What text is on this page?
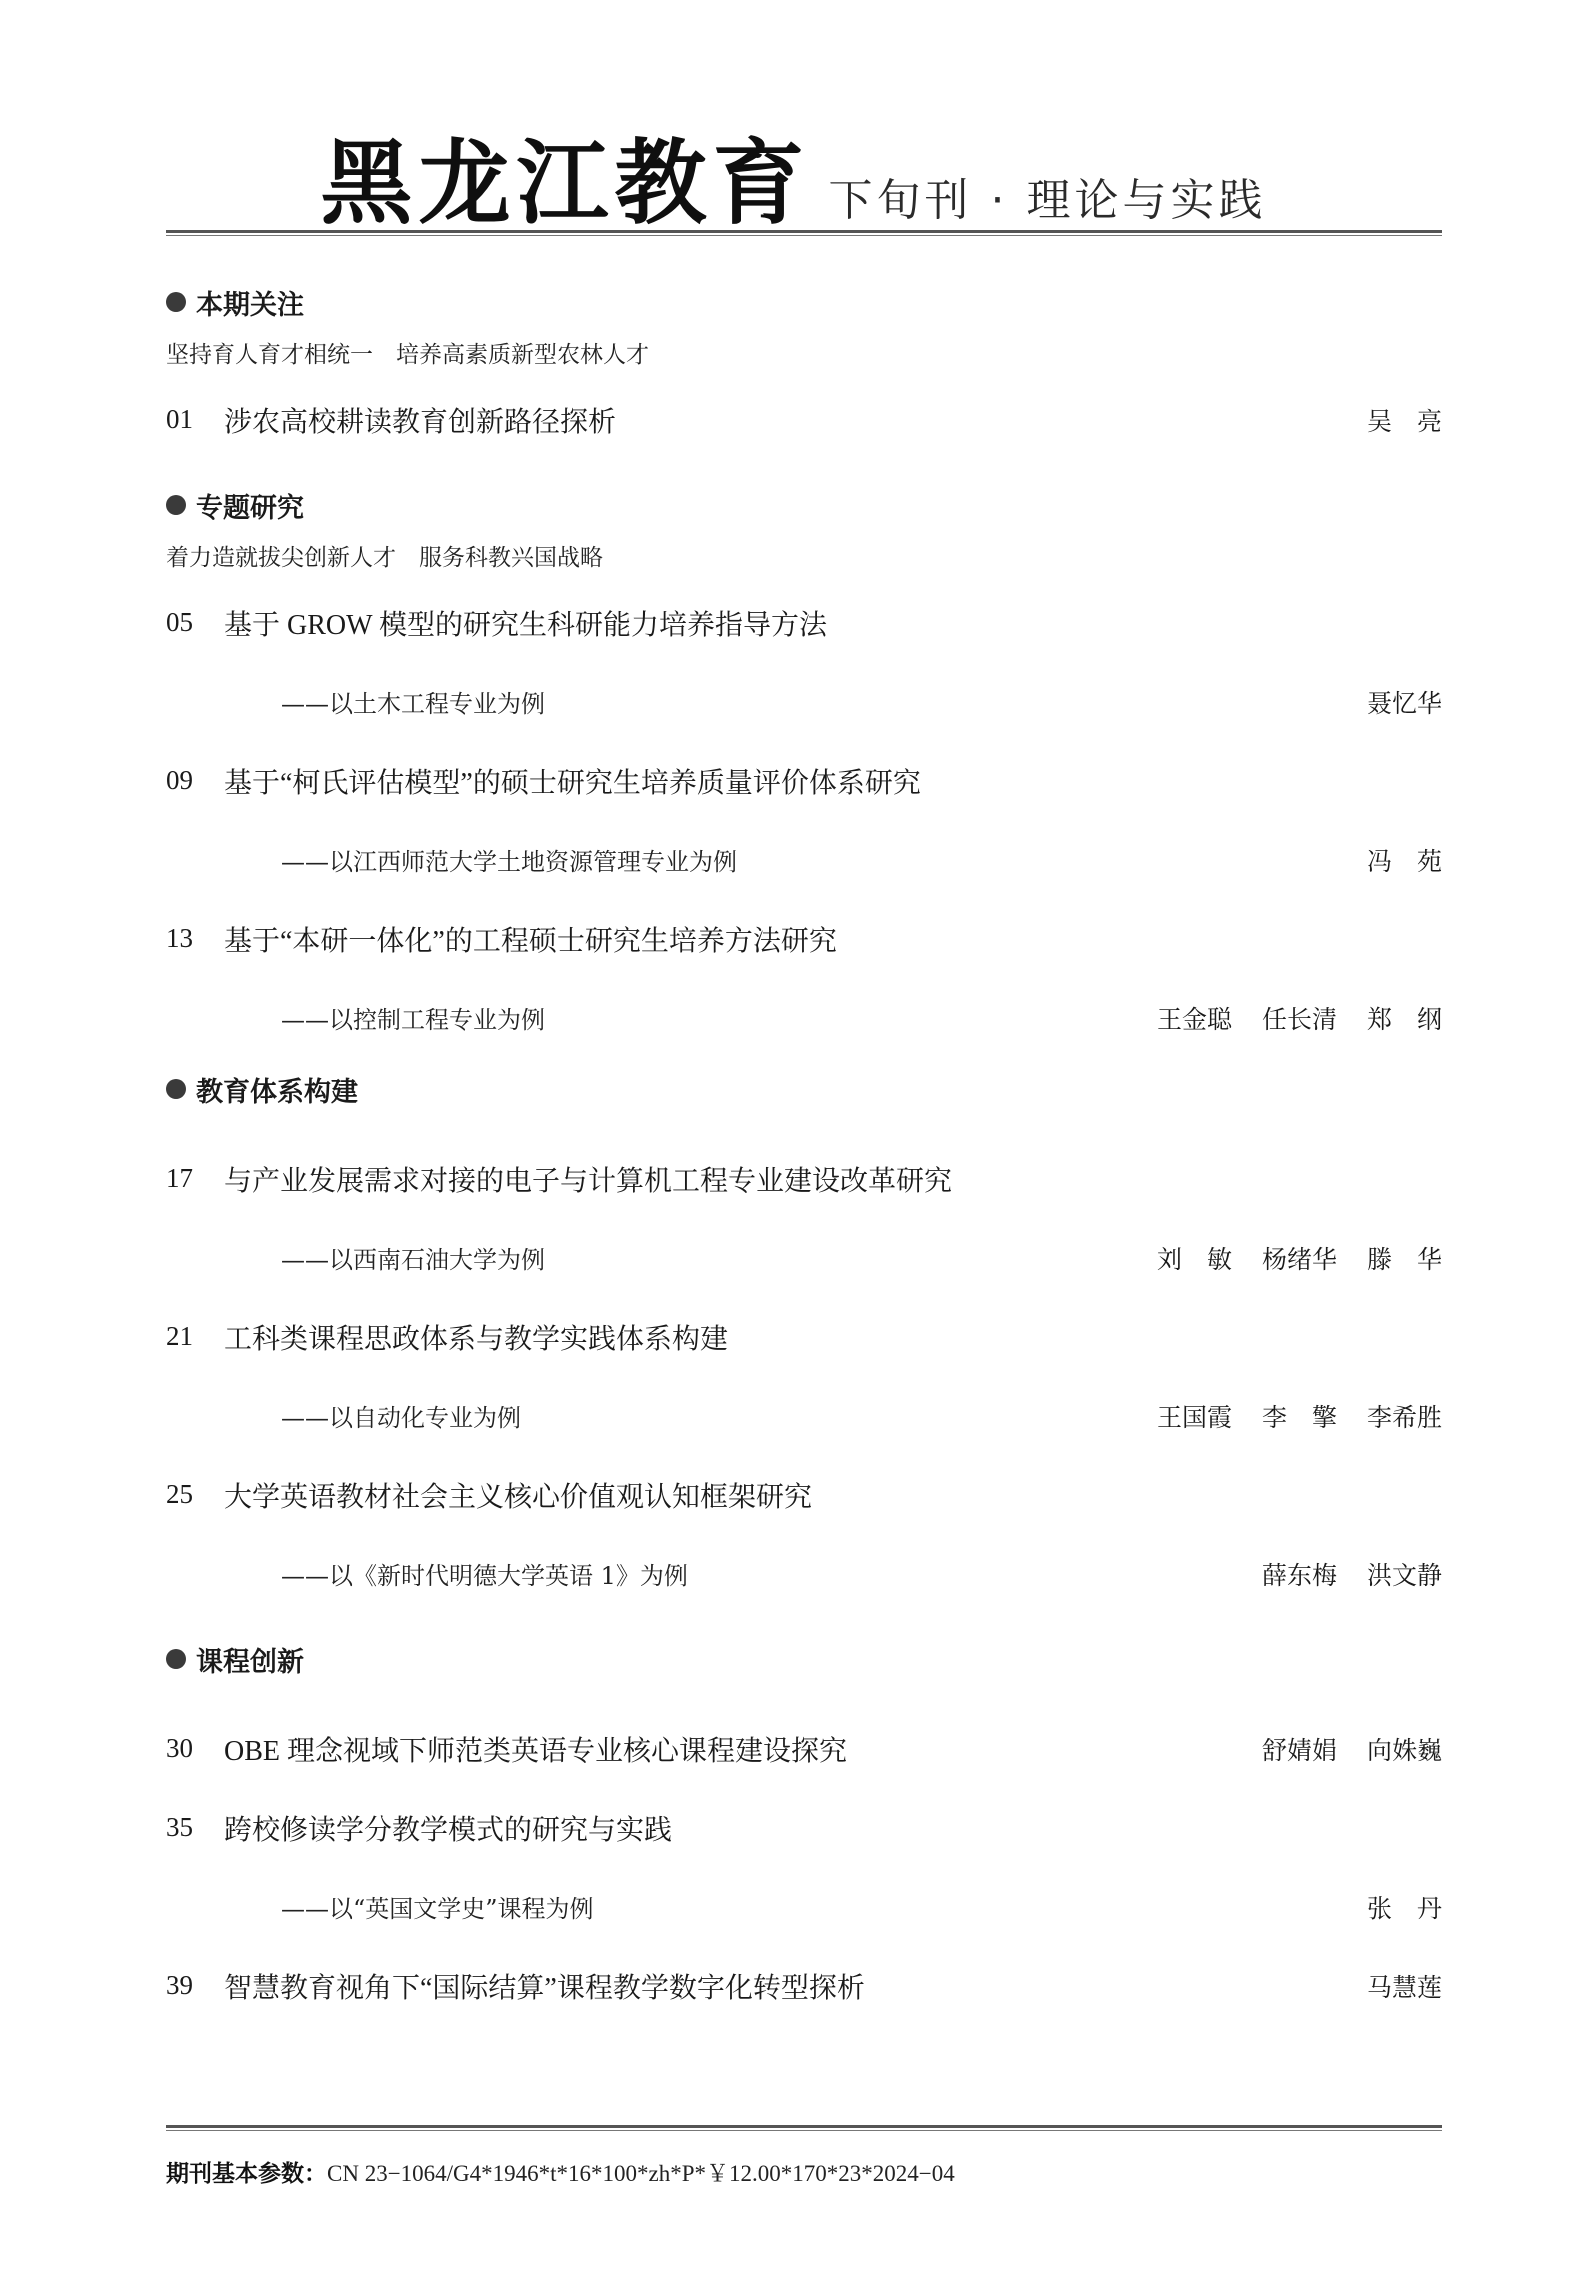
黑龙江教育 下旬刊 · 理论与实践
本期关注
坚持育人育才相统一　培养高素质新型农林人才
01	涉农高校耕读教育创新路径探析	吴　亮
专题研究
着力造就拔尖创新人才　服务科教兴国战略
05	基于 GROW 模型的研究生科研能力培养指导方法
——以土木工程专业为例	聂忆华
09	基于“柯氏评估模型”的硕士研究生培养质量评价体系研究
——以江西师范大学土地资源管理专业为例	冯　苑
13	基于“本研一体化”的工程硕士研究生培养方法研究
——以控制工程专业为例	王金聪 任长清 郑　纲
教育体系构建
17	与产业发展需求对接的电子与计算机工程专业建设改革研究
——以西南石油大学为例	刘　敏 杨绪华 滕　华
21	工科类课程思政体系与教学实践体系构建
——以自动化专业为例	王国霞 李　擎 李希胜
25	大学英语教材社会主义核心价值观认知框架研究
——以《新时代明德大学英语 1》为例	薛东梅 洪文静
课程创新
30	OBE 理念视域下师范类英语专业核心课程建设探究	舒婧娟 向姝巍
35	跨校修读学分教学模式的研究与实践
——以“英国文学史”课程为例	张　丹
39	智慧教育视角下“国际结算”课程教学数字化转型探析	马慧莲
期刊基本参数：CN 23−1064/G4*1946*t*16*100*zh*P*￥12.00*170*23*2024−04
